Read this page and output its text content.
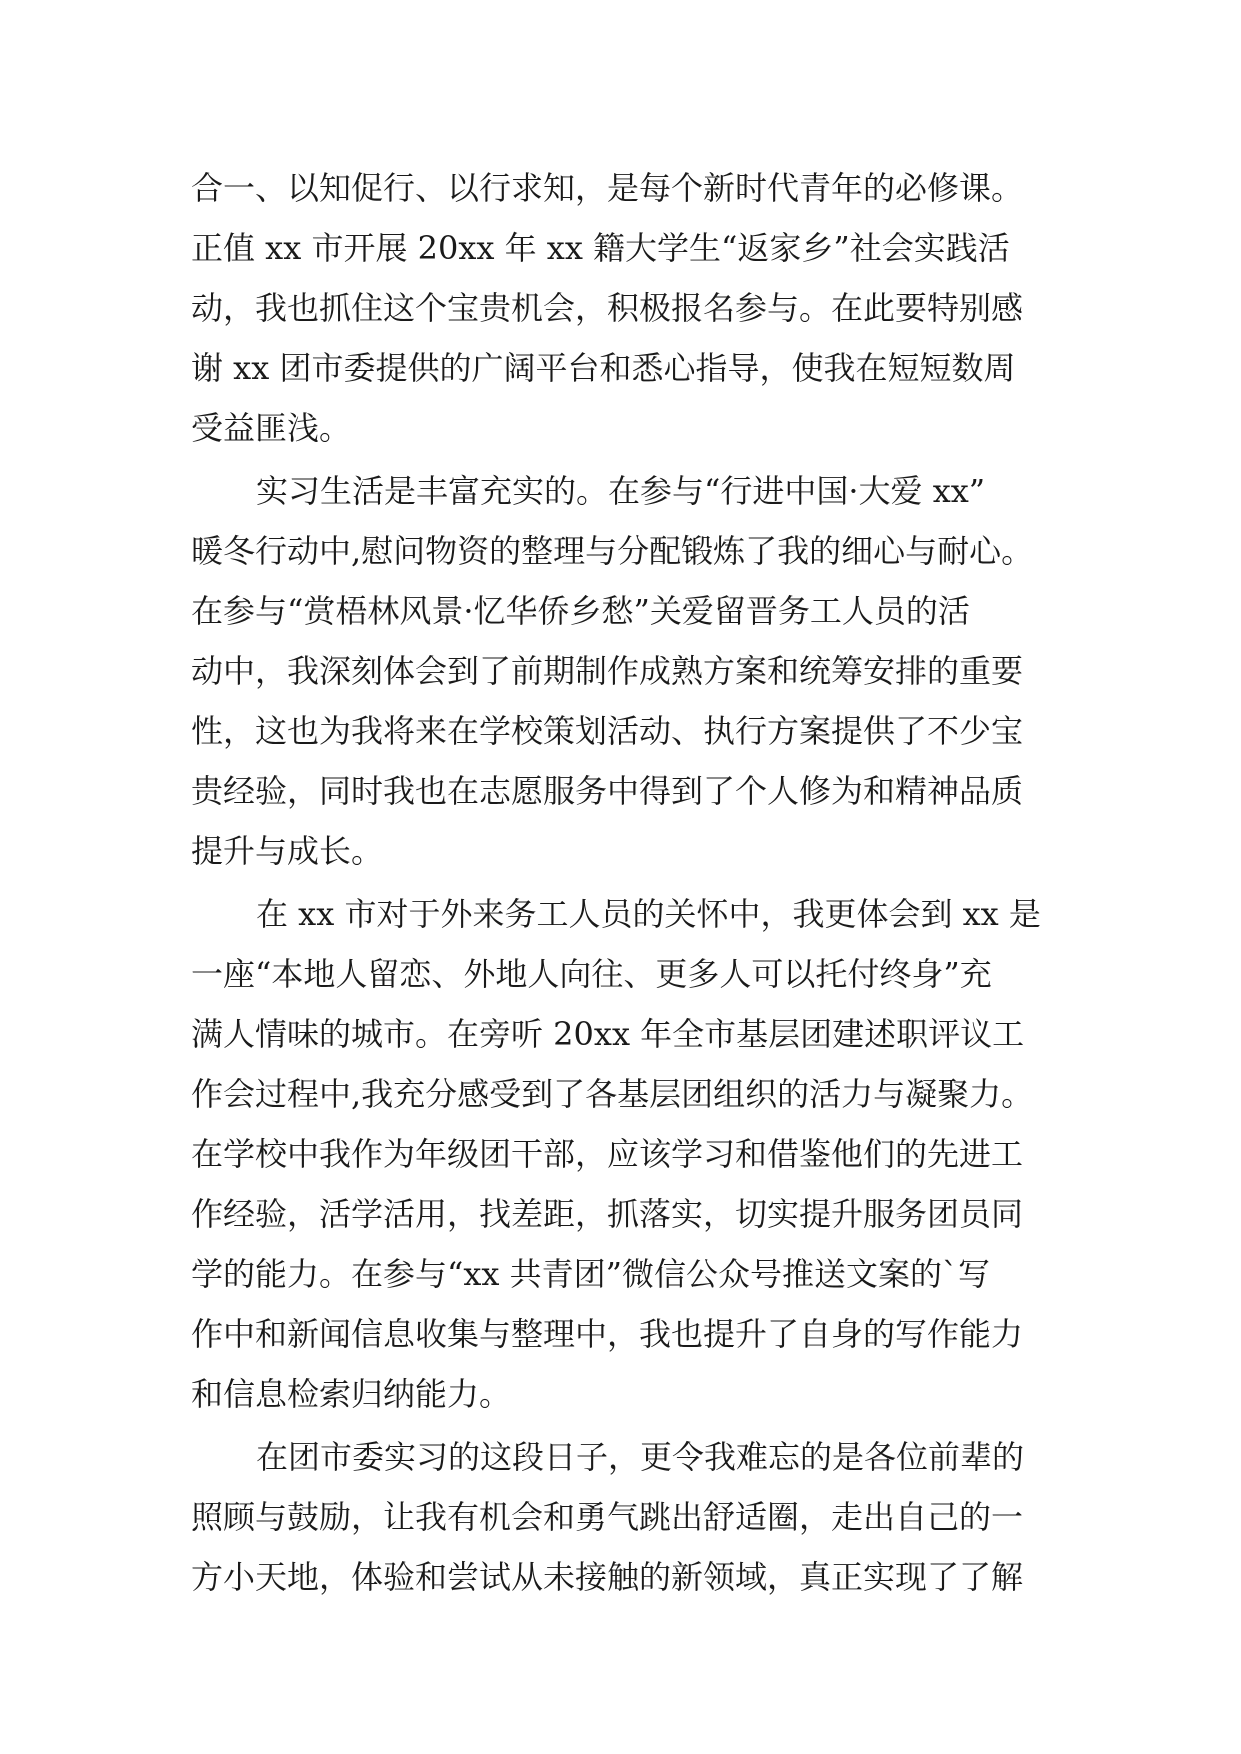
合一、以知促行、以行求知，是每个新时代青年的必修课。
正值 xx 市开展 20xx 年 xx 籍大学生“返家乡”社会实践活
动，我也抓住这个宝贵机会，积极报名参与。在此要特别感
谢 xx 团市委提供的广阔平台和悉心指导，使我在短短数周
受益匪浅。
实习生活是丰富充实的。在参与“行进中国·大爱 xx”
暖冬行动中,慰问物资的整理与分配锻炼了我的细心与耐心。
在参与“赏梧林风景·忆华侨乡愁”关爱留晋务工人员的活
动中，我深刻体会到了前期制作成熟方案和统筹安排的重要
性，这也为我将来在学校策划活动、执行方案提供了不少宝
贵经验，同时我也在志愿服务中得到了个人修为和精神品质
提升与成长。
在 xx 市对于外来务工人员的关怀中，我更体会到 xx 是
一座“本地人留恋、外地人向往、更多人可以托付终身”充
满人情味的城市。在旁听 20xx 年全市基层团建述职评议工
作会过程中,我充分感受到了各基层团组织的活力与凝聚力。
在学校中我作为年级团干部，应该学习和借鉴他们的先进工
作经验，活学活用，找差距，抓落实，切实提升服务团员同
学的能力。在参与“xx 共青团”微信公众号推送文案的`写
作中和新闻信息收集与整理中，我也提升了自身的写作能力
和信息检索归纳能力。
在团市委实习的这段日子，更令我难忘的是各位前辈的
照顾与鼓励，让我有机会和勇气跳出舒适圈，走出自己的一
方小天地，体验和尝试从未接触的新领域，真正实现了了解
